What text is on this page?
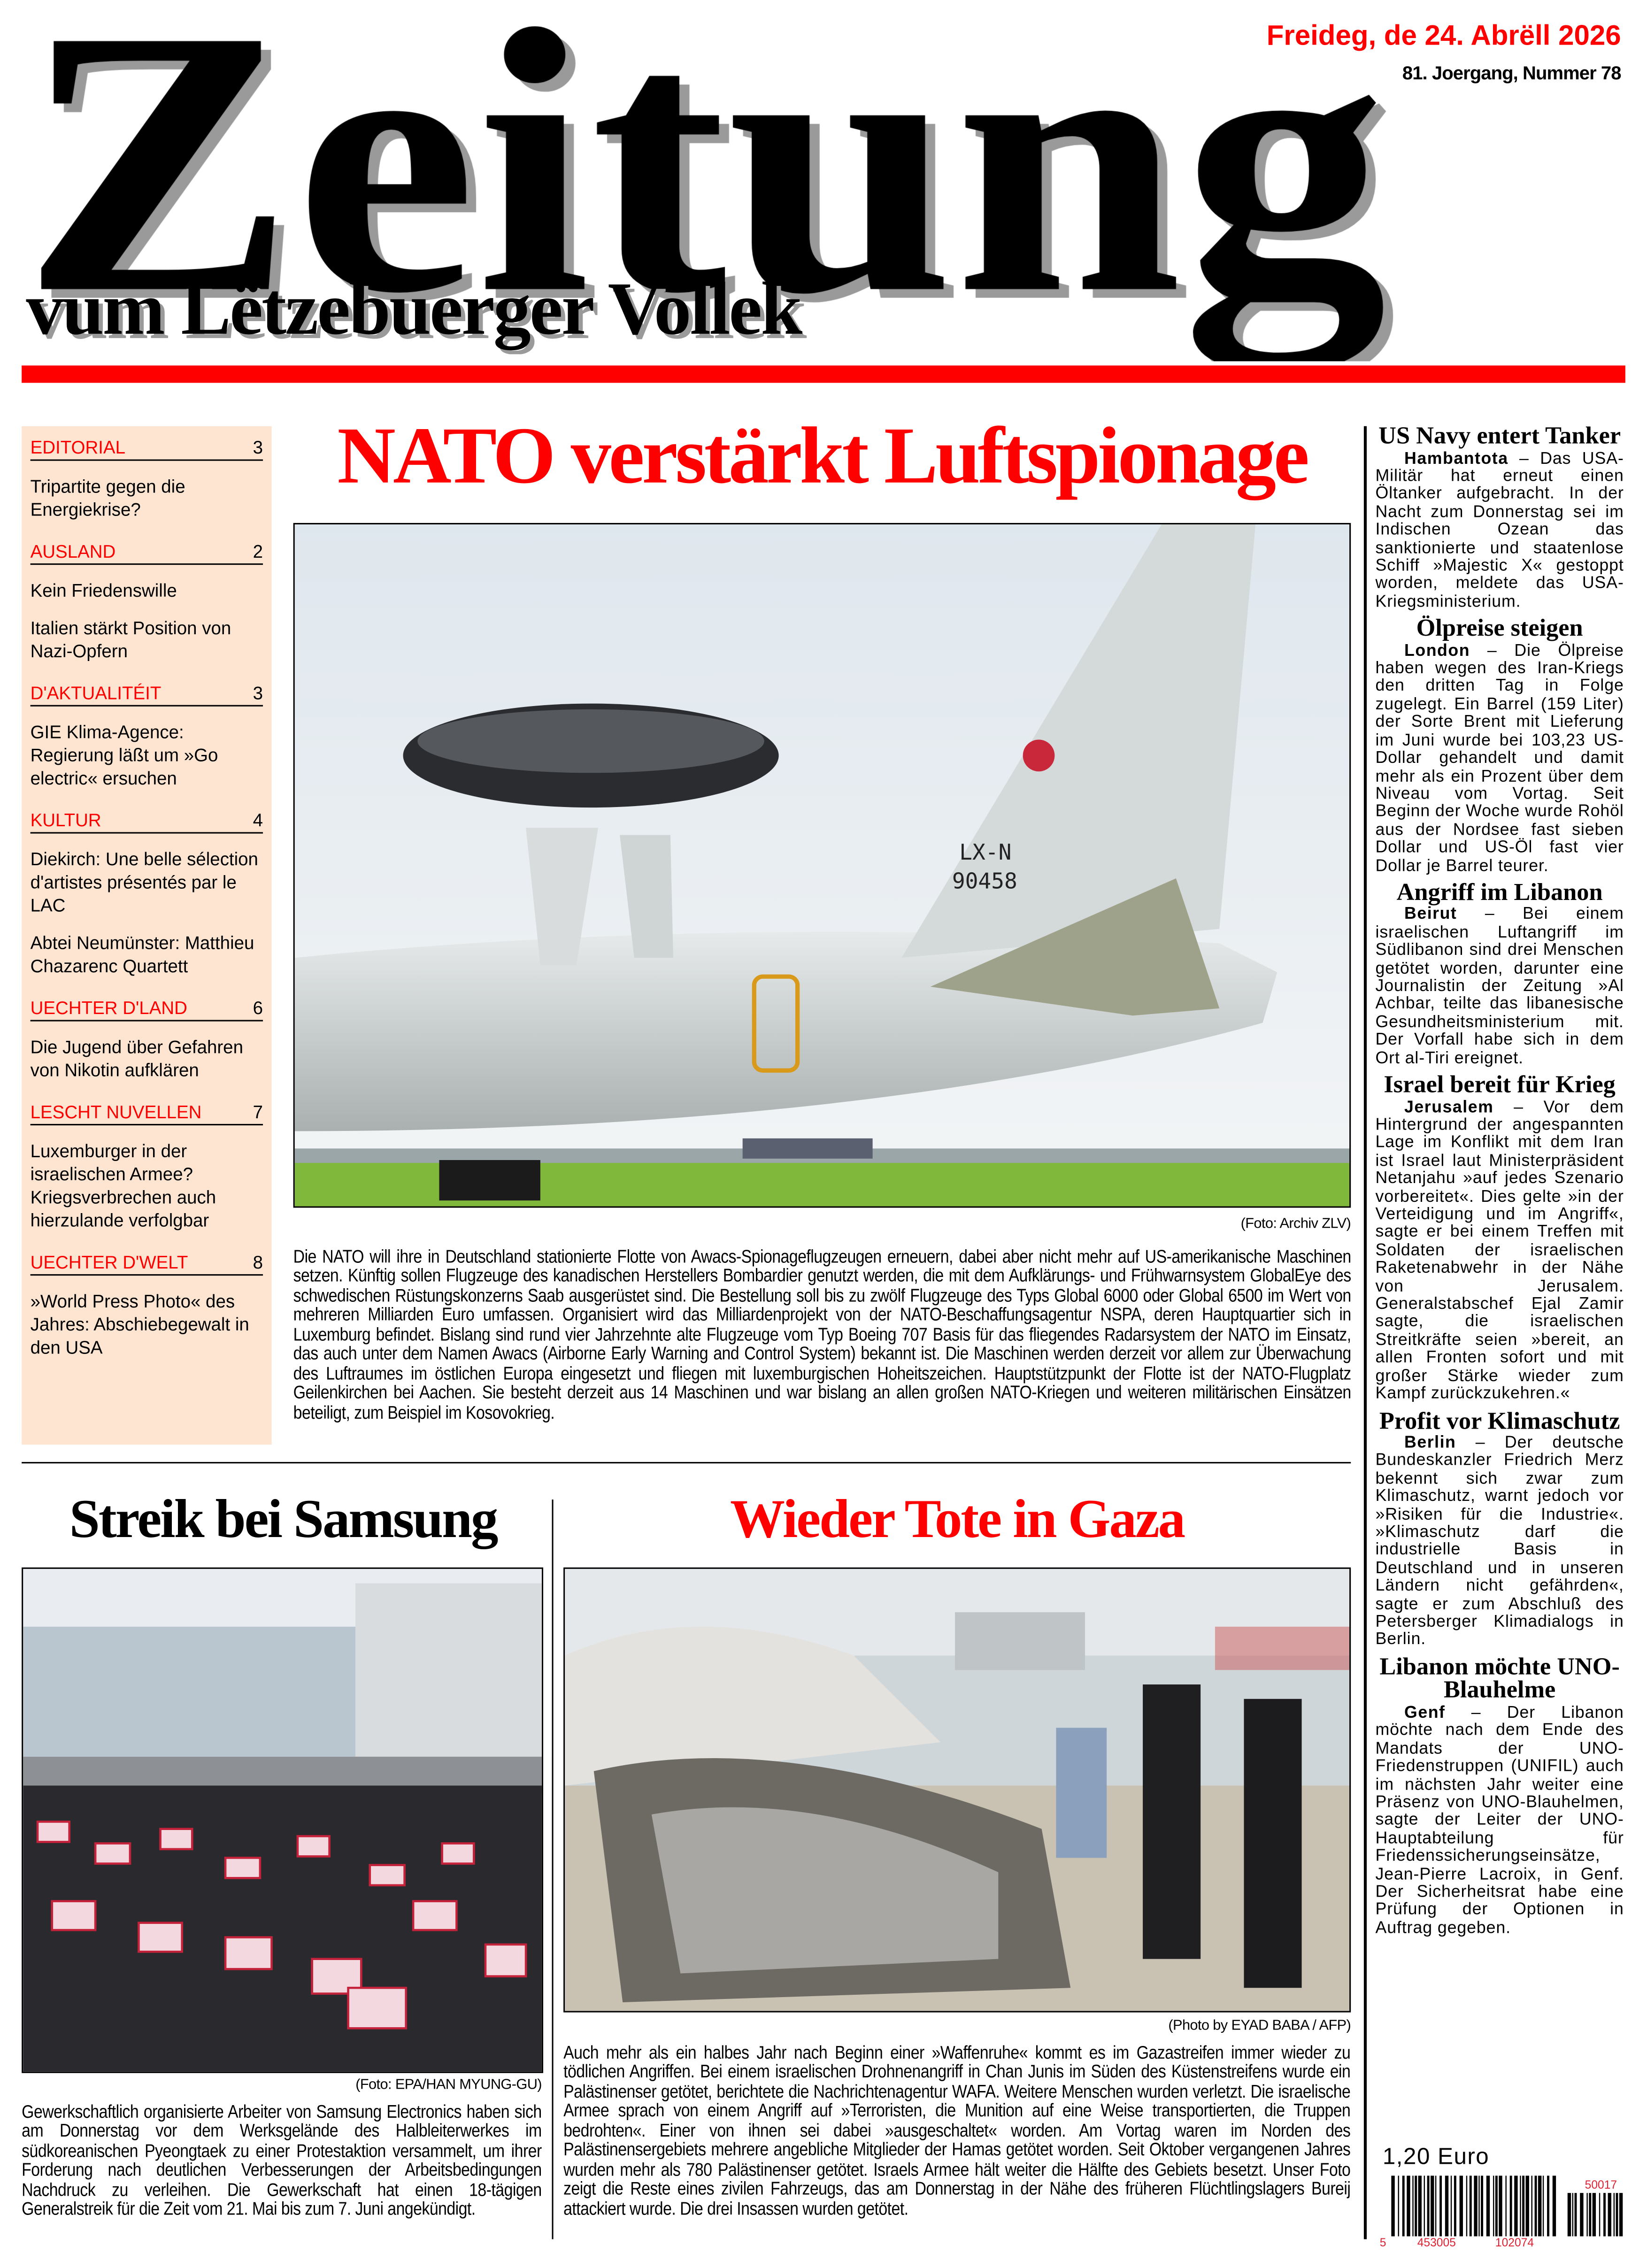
vum Lëtzebuerger Vollek
Freideg, de 24. Abrëll 2026
81. Joergang, Nummer 78
EDITORIAL	3
Tripartite gegen die Energiekrise?
AUSLAND	2
Kein Friedenswille
Italien stärkt Position von Nazi-Opfern
D'AKTUALITÉIT	3
GIE Klima-Agence: Regierung läßt um »Go electric« ersuchen
KULTUR	4
Diekirch: Une belle sélection d'artistes présentés par le LAC
Abtei Neumünster: Matthieu Chazarenc Quartett
UECHTER D'LAND	6
Die Jugend über Gefahren von Nikotin aufklären
LESCHT NUVELLEN	7
Luxemburger in der israelischen Armee? Kriegsverbrechen auch hierzulande verfolgbar
UECHTER D'WELT	8
»World Press Photo« des Jahres: Abschiebegewalt in den USA
NATO verstärkt Luftspionage
LX-N
90458
(Foto: Archiv ZLV)
Die NATO will ihre in Deutschland stationierte Flotte von Awacs-Spionageflugzeugen erneuern, dabei aber nicht mehr auf US-amerikanische Maschinen setzen. Künftig sollen Flugzeuge des kanadischen Herstellers Bombardier genutzt werden, die mit dem Aufklärungs- und Frühwarnsystem GlobalEye des schwedischen Rüstungskonzerns Saab ausgerüstet sind. Die Bestellung soll bis zu zwölf Flugzeuge des Typs Global 6000 oder Global 6500 im Wert von mehreren Milliarden Euro umfassen. Organisiert wird das Milliardenprojekt von der NATO-Beschaffungsagentur NSPA, deren Hauptquartier sich in Luxemburg befindet. Bislang sind rund vier Jahrzehnte alte Flugzeuge vom Typ Boeing 707 Basis für das fliegendes Radarsystem der NATO im Einsatz, das auch unter dem Namen Awacs (Airborne Early Warning and Control System) bekannt ist. Die Maschinen werden derzeit vor allem zur Überwachung des Luftraumes im östlichen Europa eingesetzt und fliegen mit luxemburgischen Hoheitszeichen. Hauptstützpunkt der Flotte ist der NATO-Flugplatz Geilenkirchen bei Aachen. Sie besteht derzeit aus 14 Maschinen und war bislang an allen großen NATO-Kriegen und weiteren militärischen Einsätzen beteiligt, zum Beispiel im Kosovokrieg.
Streik bei Samsung
(Foto: EPA/HAN MYUNG-GU)
Gewerkschaftlich organisierte Arbeiter von Samsung Electronics haben sich am Donnerstag vor dem Werksgelände des Halbleiterwerkes im südkoreanischen Pyeongtaek zu einer Protestaktion versammelt, um ihrer Forderung nach deutlichen Verbesserungen der Arbeitsbedingungen Nachdruck zu verleihen. Die Gewerkschaft hat einen 18-tägigen Generalstreik für die Zeit vom 21. Mai bis zum 7. Juni angekündigt.
Wieder Tote in Gaza
(Photo by EYAD BABA / AFP)
Auch mehr als ein halbes Jahr nach Beginn einer »Waffenruhe« kommt es im Gazastreifen immer wieder zu tödlichen Angriffen. Bei einem israelischen Drohnenangriff in Chan Junis im Süden des Küstenstreifens wurde ein Palästinenser getötet, berichtete die Nachrichtenagentur WAFA. Weitere Menschen wurden verletzt. Die israelische Armee sprach von einem Angriff auf »Terroristen, die Munition auf eine Weise transportierten, die Truppen bedrohten«. Einer von ihnen sei dabei »ausgeschaltet« worden. Am Vortag waren im Norden des Palästinensergebiets mehrere angebliche Mitglieder der Hamas getötet worden. Seit Oktober vergangenen Jahres wurden mehr als 780 Palästinenser getötet. Israels Armee hält weiter die Hälfte des Gebiets besetzt. Unser Foto zeigt die Reste eines zivilen Fahrzeugs, das am Donnerstag in der Nähe des früheren Flüchtlingslagers Bureij attackiert wurde. Die drei Insassen wurden getötet.
US Navy entert Tanker

Hambantota – Das USA-Militär hat erneut einen Öltanker aufgebracht. In der Nacht zum Donnerstag sei im Indischen Ozean das sanktionierte und staatenlose Schiff »Majestic X« gestoppt worden, meldete das USA-Kriegsministerium.

Ölpreise steigen

London – Die Ölpreise haben wegen des Iran-Kriegs den dritten Tag in Folge zugelegt. Ein Barrel (159 Liter) der Sorte Brent mit Lieferung im Juni wurde bei 103,23 US-Dollar gehandelt und damit mehr als ein Prozent über dem Niveau vom Vortag. Seit Beginn der Woche wurde Rohöl aus der Nordsee fast sieben Dollar und US-Öl fast vier Dollar je Barrel teurer.

Angriff im Libanon

Beirut – Bei einem israelischen Luftangriff im Südlibanon sind drei Menschen getötet worden, darunter eine Journalistin der Zeitung »Al Achbar, teilte das libanesische Gesundheitsministerium mit. Der Vorfall habe sich in dem Ort al-Tiri ereignet.

Israel bereit für Krieg

Jerusalem – Vor dem Hintergrund der angespannten Lage im Konflikt mit dem Iran ist Israel laut Ministerpräsident Netanjahu »auf jedes Szenario vorbereitet«. Dies gelte »in der Verteidigung und im Angriff«, sagte er bei einem Treffen mit Soldaten der israelischen Raketenabwehr in der Nähe von Jerusalem. Generalstabschef Ejal Zamir sagte, die israelischen Streitkräfte seien »bereit, an allen Fronten sofort und mit großer Stärke wieder zum Kampf zurückzukehren.«

Profit vor Klimaschutz

Berlin – Der deutsche Bundeskanzler Friedrich Merz bekennt sich zwar zum Klimaschutz, warnt jedoch vor »Risiken für die Industrie«. »Klimaschutz darf die industrielle Basis in Deutschland und in unseren Ländern nicht gefährden«, sagte er zum Abschluß des Petersberger Klimadialogs in Berlin.

Libanon möchte UNO-Blauhelme

Genf – Der Libanon möchte nach dem Ende des Mandats der UNO-Friedenstruppen (UNIFIL) auch im nächsten Jahr weiter eine Präsenz von UNO-Blauhelmen, sagte der Leiter der UNO-Hauptabteilung für Friedenssicherungseinsätze, Jean-Pierre Lacroix, in Genf. Der Sicherheitsrat habe eine Prüfung der Optionen in Auftrag gegeben.

1,20 Euro
5	453005	102074
50017
